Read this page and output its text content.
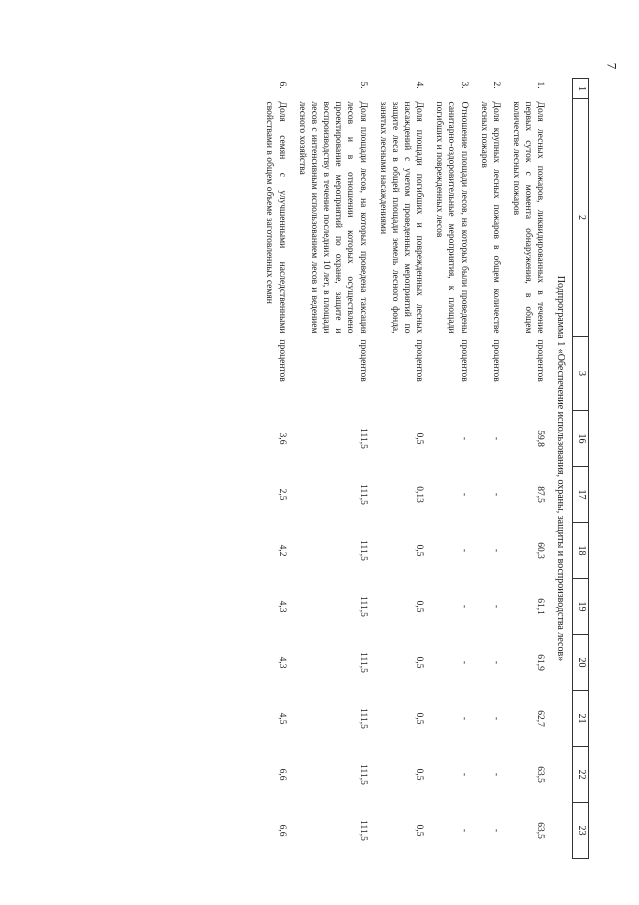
7
1	2	3	16	17	18	19	20	21	22	23
Подпрограмма 1 «Обеспечение использования, охраны, защиты и воспроизводства лесов»										
1.	Доля лесных пожаров, ликвидированных в течение первых суток с момента обнаружения, в общем количестве лесных пожаров	процентов	59,8	87,5	60,3	61,1	61,9	62,7	63,5	63,5
2.	Доля крупных лесных пожаров в общем количестве лесных пожаров	процентов	-	-	-	-	-	-	-	-
3.	Отношение площади лесов, на которых были проведены санитарно-оздоровительные мероприятия, к площади погибших и поврежденных лесов	процентов	-	-	-	-	-	-	-	-
4.	Доля площади погибших и поврежденных лесных насаждений с учетом проведенных мероприятий по защите леса в общей площади земель лесного фонда, занятых лесными насаждениями	процентов	0,5	0,13	0,5	0,5	0,5	0,5	0,5	0,5
5.	Доля площади лесов, на которых проведена таксация лесов и в отношении которых осуществлено проектирование мероприятий по охране, защите и воспроизводству в течение последних 10 лет, в площади лесов с интенсивным использованием лесов и ведением лесного хозяйства	процентов	111,5	111,5	111,5	111,5	111,5	111,5	111,5	111,5
6.	Доля семян с улучшенными наследственными свойствами в общем объеме заготовленных семян	процентов	3,6	2,5	4,2	4,3	4,3	4,5	6,6	6,6
